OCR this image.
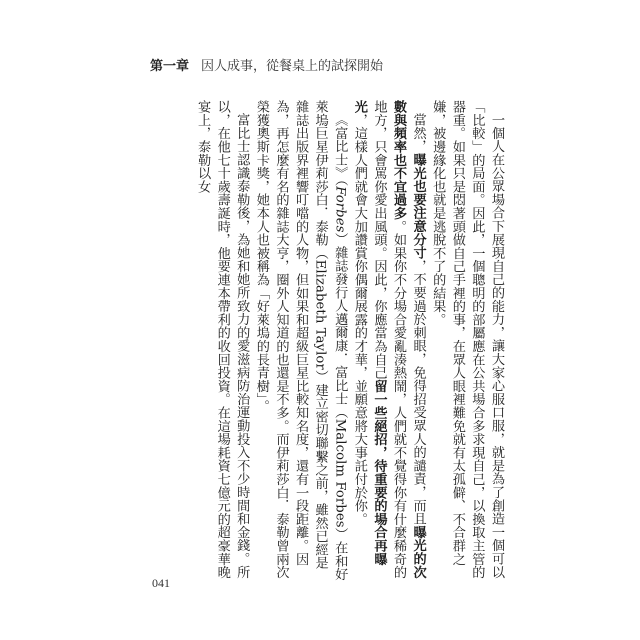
第一章 因人成事，從餐桌上的試探開始

一個人在公眾場合下展現自己的能力，讓大家心服口服，就是為了創造一個可以「比較」的局面。因此，一個聰明的部屬應在公共場合多求現自己，以換取主管的器重。如果只是悶著頭做自己手裡的事，在眾人眼裡難免就有太孤僻、不合群之嫌，被邊緣化也就是逃脫不了的結果。

當然，曝光也要注意分寸，不要過於刺眼，免得招受眾人的譴責，而且曝光的次數與頻率也不宜過多。如果你不分場合愛亂湊熱鬧，人們就不覺得你有什麼稀奇的地方，只會罵你愛出風頭。因此，你應當為自己留一些絕招，待重要的場合再曝光，這樣人們就會大加讚賞你偶爾展露的才華，並願意將大事託付於你。

《富比士》（Forbes）雜誌發行人邁爾康．富比士（Malcolm Forbes）在和好萊塢巨星伊莉莎白．泰勒（Elizabeth Taylor）建立密切聯繫之前，雖然已經是雜誌出版界裡響叮噹的人物，但如果和超級巨星比較知名度，還有一段距離。因為，再怎麼有名的雜誌大亨，圈外人知道的也還是不多。而伊莉莎白．泰勒曾兩次榮獲奧斯卡獎，她本人也被稱為「好萊塢的長青樹」。

富比士認識泰勒後，為她和她所致力的愛滋病防治運動投入不少時間和金錢。所以，在他七十歲壽誕時，他要連本帶利的收回投資。在這場耗資七億元的超豪華晚宴上，泰勒以女

041
